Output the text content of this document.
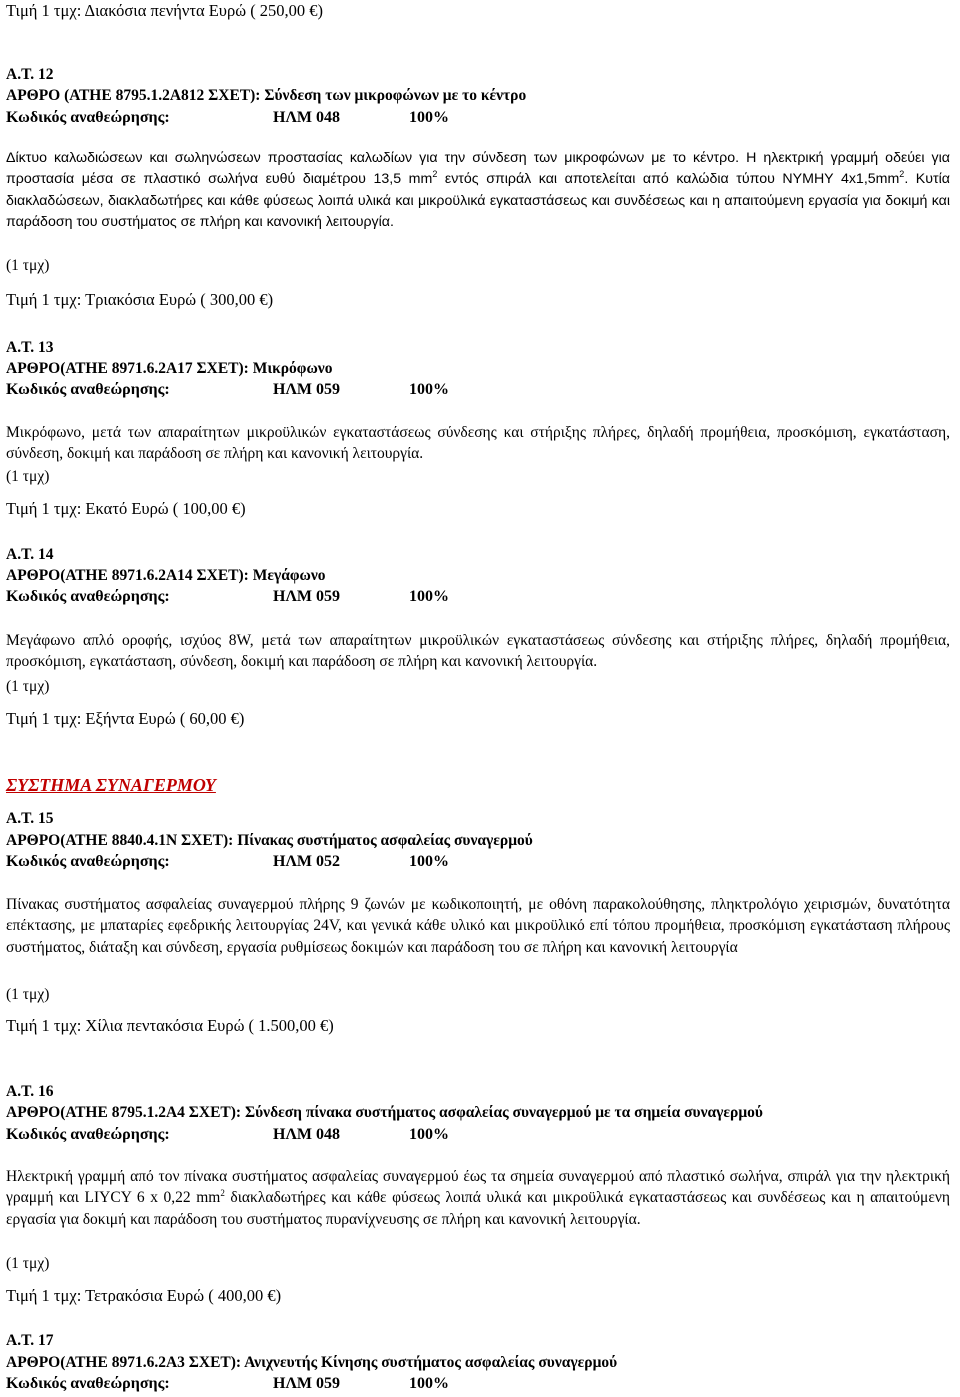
Τιμή 1 τμχ: Διακόσια πενήντα Ευρώ ( 250,00 €)
Α.Τ. 12
ΑΡΘΡΟ (ΑΤΗΕ 8795.1.2Α812 ΣΧΕΤ): Σύνδεση των μικροφώνων με το κέντρο
Κωδικός αναθεώρησης:	ΗΛΜ 048	100%
Δίκτυο καλωδιώσεων και σωληνώσεων προστασίας καλωδίων για την σύνδεση των μικροφώνων με το κέντρο. Η ηλεκτρική γραμμή οδεύει για προστασία μέσα σε πλαστικό σωλήνα ευθύ διαμέτρου 13,5 $mm^2$ εντός σπιράλ και αποτελείται από καλώδια τύπου NYMHY $4x1,5mm^2$. Κυτία διακλαδώσεων, διακλαδωτήρες και κάθε φύσεως λοιπά υλικά και μικροϋλικά εγκαταστάσεως και συνδέσεως και η απαιτούμενη εργασία για δοκιμή και παράδοση του συστήματος σε πλήρη και κανονική λειτουργία.
(1 τμχ)
Τιμή 1 τμχ: Τριακόσια Ευρώ ( 300,00 €)
Α.Τ. 13
ΑΡΘΡΟ(ΑΤΗΕ 8971.6.2Α17 ΣΧΕΤ): Μικρόφωνο
Κωδικός αναθεώρησης:	ΗΛΜ 059	100%
Μικρόφωνο, μετά των απαραίτητων μικροϋλικών εγκαταστάσεως σύνδεσης και στήριξης πλήρες, δηλαδή προμήθεια, προσκόμιση, εγκατάσταση, σύνδεση, δοκιμή και παράδοση σε πλήρη και κανονική λειτουργία.
(1 τμχ)
Τιμή 1 τμχ: Εκατό Ευρώ ( 100,00 €)
Α.Τ. 14
ΑΡΘΡΟ(ΑΤΗΕ 8971.6.2Α14 ΣΧΕΤ): Μεγάφωνο
Κωδικός αναθεώρησης:	ΗΛΜ 059	100%
Μεγάφωνο απλό οροφής, ισχύος 8W, μετά των απαραίτητων μικροϋλικών εγκαταστάσεως σύνδεσης και στήριξης πλήρες, δηλαδή προμήθεια, προσκόμιση, εγκατάσταση, σύνδεση, δοκιμή και παράδοση σε πλήρη και κανονική λειτουργία.
(1 τμχ)
Τιμή 1 τμχ: Εξήντα Ευρώ ( 60,00 €)
ΣΥΣΤΗΜΑ ΣΥΝΑΓΕΡΜΟΥ
Α.Τ. 15
ΑΡΘΡΟ(ΑΤΗΕ 8840.4.1Ν ΣΧΕΤ): Πίνακας συστήματος ασφαλείας συναγερμού
Κωδικός αναθεώρησης:	ΗΛΜ 052	100%
Πίνακας συστήματος ασφαλείας συναγερμού πλήρης 9 ζωνών με κωδικοποιητή, με οθόνη παρακολούθησης, πληκτρολόγιο χειρισμών, δυνατότητα επέκτασης, με μπαταρίες εφεδρικής λειτουργίας 24V, και γενικά κάθε υλικό και μικροϋλικό επί τόπου προμήθεια, προσκόμιση εγκατάσταση πλήρους συστήματος, διάταξη και σύνδεση, εργασία ρυθμίσεως δοκιμών και παράδοση του σε πλήρη και κανονική λειτουργία
(1 τμχ)
Τιμή 1 τμχ: Χίλια πεντακόσια Ευρώ ( 1.500,00 €)
Α.Τ. 16
ΑΡΘΡΟ(ΑΤΗΕ 8795.1.2Α4 ΣΧΕΤ): Σύνδεση πίνακα συστήματος ασφαλείας συναγερμού με τα σημεία συναγερμού
Κωδικός αναθεώρησης:	ΗΛΜ 048	100%
Ηλεκτρική γραμμή από τον πίνακα συστήματος ασφαλείας συναγερμού έως τα σημεία συναγερμού από πλαστικό σωλήνα, σπιράλ για την ηλεκτρική γραμμή και LIYCY 6 x 0,22 $mm^2$ διακλαδωτήρες και κάθε φύσεως λοιπά υλικά και μικροϋλικά εγκαταστάσεως και συνδέσεως και η απαιτούμενη εργασία για δοκιμή και παράδοση του συστήματος πυρανίχνευσης σε πλήρη και κανονική λειτουργία.
(1 τμχ)
Τιμή 1 τμχ: Τετρακόσια Ευρώ ( 400,00 €)
Α.Τ. 17
ΑΡΘΡΟ(ΑΤΗΕ 8971.6.2Α3 ΣΧΕΤ): Ανιχνευτής Κίνησης συστήματος ασφαλείας συναγερμού
Κωδικός αναθεώρησης:	ΗΛΜ 059	100%
